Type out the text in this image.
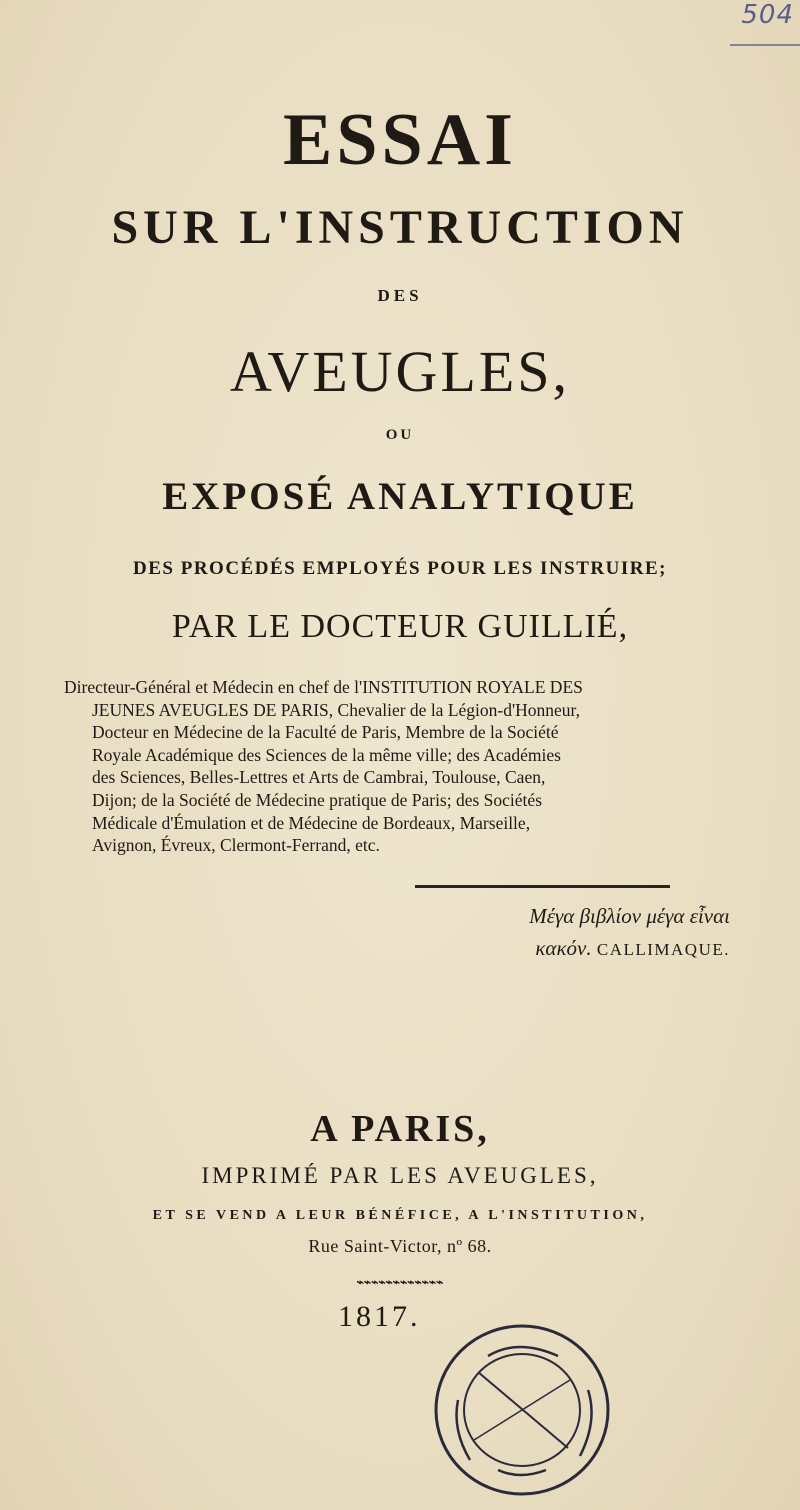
504
ESSAI
SUR L'INSTRUCTION
DES
AVEUGLES,
OU
EXPOSÉ ANALYTIQUE
DES PROCÉDÉS EMPLOYÉS POUR LES INSTRUIRE;
PAR LE DOCTEUR GUILLIÉ,
Directeur-Général et Médecin en chef de l'INSTITUTION ROYALE DES
JEUNES AVEUGLES DE PARIS, Chevalier de la Légion-d'Honneur,
Docteur en Médecine de la Faculté de Paris, Membre de la Société
Royale Académique des Sciences de la même ville; des Académies
des Sciences, Belles-Lettres et Arts de Cambrai, Toulouse, Caen,
Dijon; de la Société de Médecine pratique de Paris; des Sociétés
Médicale d'Émulation et de Médecine de Bordeaux, Marseille,
Avignon, Évreux, Clermont-Ferrand, etc.
Μέγα βιβλίον μέγα εἶναι
κακόν. CALLIMAQUE.
A PARIS,
IMPRIMÉ PAR LES AVEUGLES,
ET SE VEND A LEUR BÉNÉFICE, A L'INSTITUTION,
Rue Saint-Victor, nº 68.
⌁⌁⌁⌁⌁⌁⌁⌁⌁⌁⌁⌁
1817.
